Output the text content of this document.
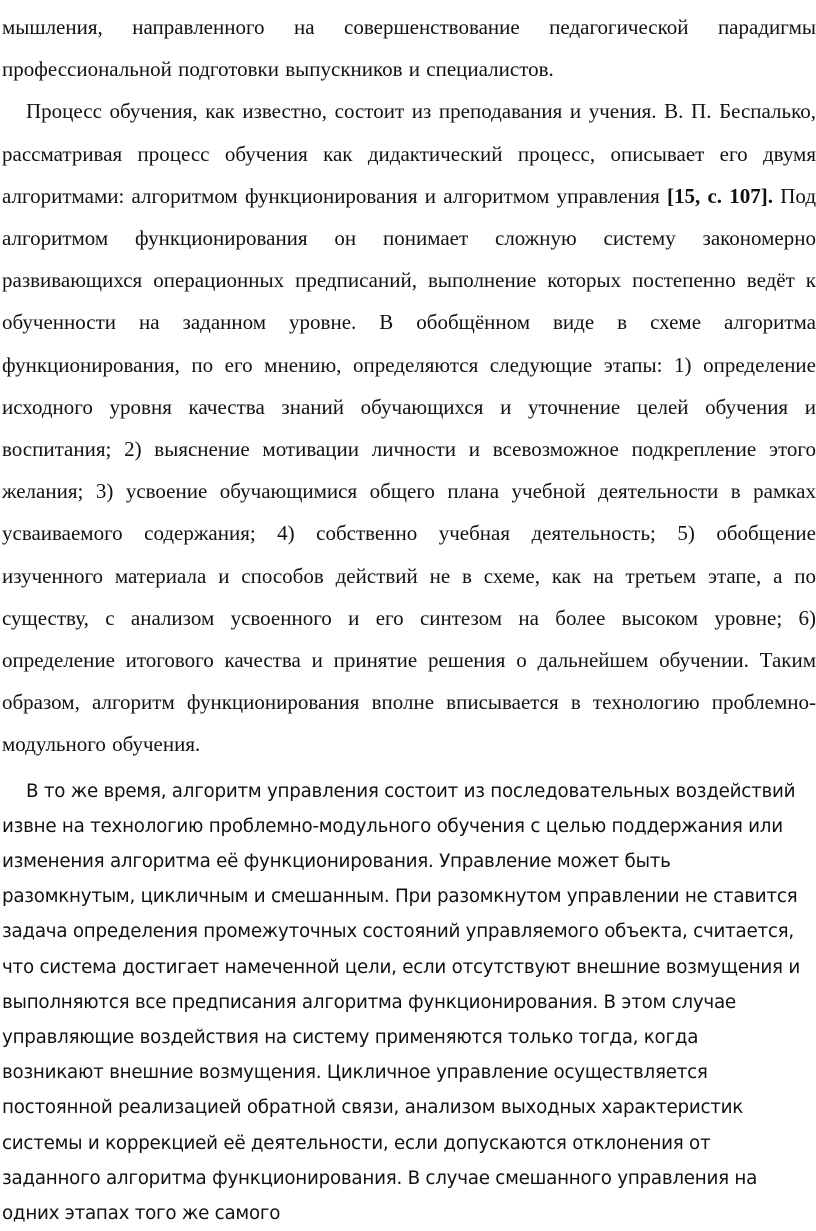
мышления, направленного на совершенствование педагогической парадигмы профессиональной подготовки выпускников и специалистов.

Процесс обучения, как известно, состоит из преподавания и учения. В. П. Беспалько, рассматривая процесс обучения как дидактический процесс, описывает его двумя алгоритмами: алгоритмом функционирования и алгоритмом управления [15, с. 107]. Под алгоритмом функционирования он понимает сложную систему закономерно развивающихся операционных предписаний, выполнение которых постепенно ведёт к обученности на заданном уровне. В обобщённом виде в схеме алгоритма функционирования, по его мнению, определяются следующие этапы: 1) определение исходного уровня качества знаний обучающихся и уточнение целей обучения и воспитания; 2) выяснение мотивации личности и всевозможное подкрепление этого желания; 3) усвоение обучающимися общего плана учебной деятельности в рамках усваиваемого содержания; 4) собственно учебная деятельность; 5) обобщение изученного материала и способов действий не в схеме, как на третьем этапе, а по существу, с анализом усвоенного и его синтезом на более высоком уровне; 6) определение итогового качества и принятие решения о дальнейшем обучении. Таким образом, алгоритм функционирования вполне вписывается в технологию проблемно-модульного обучения.

В то же время, алгоритм управления состоит из последовательных воздействий извне на технологию проблемно-модульного обучения с целью поддержания или изменения алгоритма её функционирования. Управление может быть разомкнутым, цикличным и смешанным. При разомкнутом управлении не ставится задача определения промежуточных состояний управляемого объекта, считается, что система достигает намеченной цели, если отсутствуют внешние возмущения и выполняются все предписания алгоритма функционирования. В этом случае управляющие воздействия на систему применяются только тогда, когда возникают внешние возмущения. Цикличное управление осуществляется постоянной реализацией обратной связи, анализом выходных характеристик системы и коррекцией её деятельности, если допускаются отклонения от заданного алгоритма функционирования. В случае смешанного управления на одних этапах того же самого
